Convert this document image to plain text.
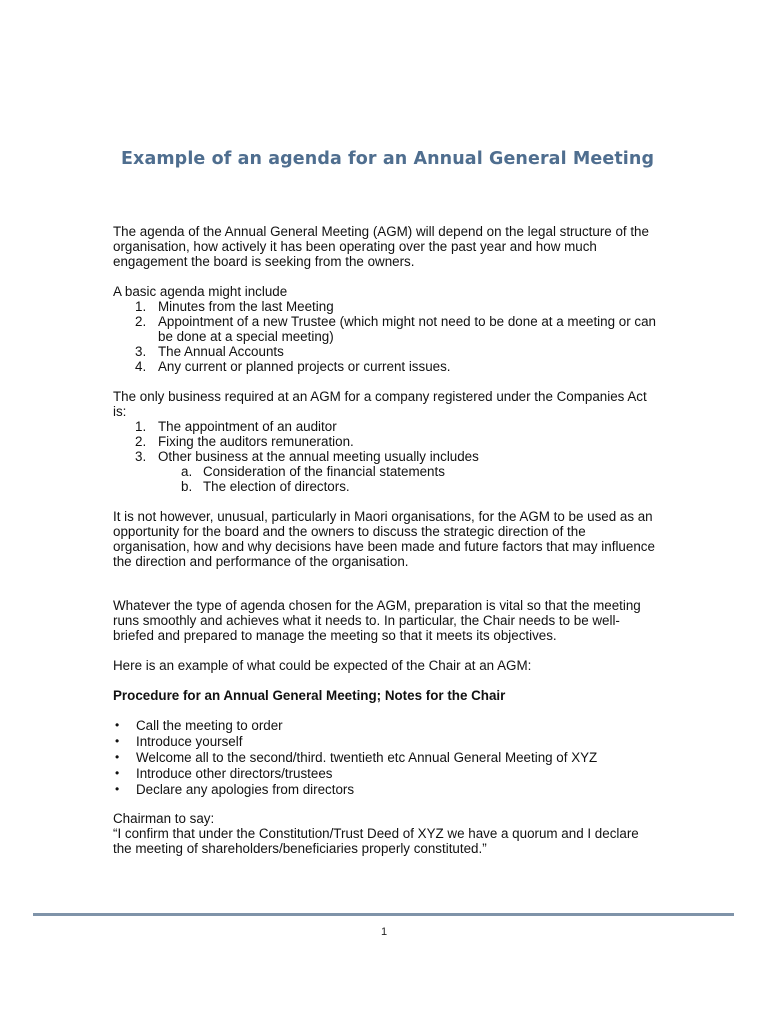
Example of an agenda for an Annual General Meeting

The agenda of the Annual General Meeting (AGM) will depend on the legal structure of the organisation, how actively it has been operating over the past year and how much engagement the board is seeking from the owners.

A basic agenda might include

1. Minutes from the last Meeting
2. Appointment of a new Trustee (which might not need to be done at a meeting or can be done at a special meeting)
3. The Annual Accounts
4. Any current or planned projects or current issues.

The only business required at an AGM for a company registered under the Companies Act is:

1. The appointment of an auditor
2. Fixing the auditors remuneration.
3. Other business at the annual meeting usually includes
a. Consideration of the financial statements
b. The election of directors.

It is not however, unusual, particularly in Maori organisations, for the AGM to be used as an opportunity for the board and the owners to discuss the strategic direction of the organisation, how and why decisions have been made and future factors that may influence the direction and performance of the organisation.

Whatever the type of agenda chosen for the AGM, preparation is vital so that the meeting runs smoothly and achieves what it needs to. In particular, the Chair needs to be well-briefed and prepared to manage the meeting so that it meets its objectives.

Here is an example of what could be expected of the Chair at an AGM:

Procedure for an Annual General Meeting; Notes for the Chair

• Call the meeting to order
• Introduce yourself
• Welcome all to the second/third. twentieth etc Annual General Meeting of XYZ
• Introduce other directors/trustees
• Declare any apologies from directors

Chairman to say:

“I confirm that under the Constitution/Trust Deed of XYZ we have a quorum and I declare the meeting of shareholders/beneficiaries properly constituted.”

1
